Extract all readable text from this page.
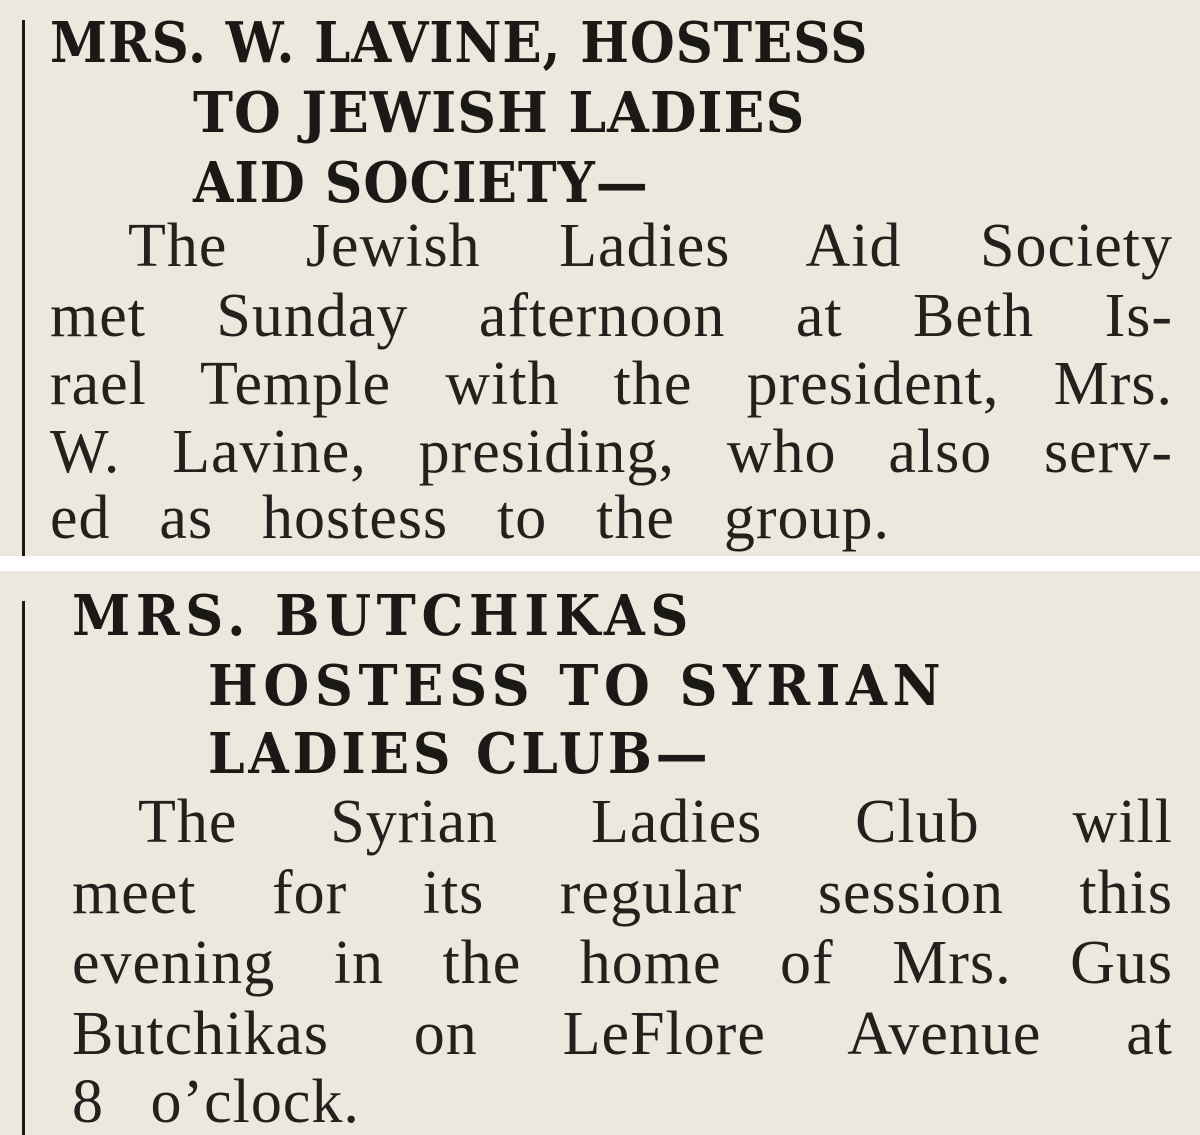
MRS. W. LAVINE, HOSTESS
TO JEWISH LADIES
AID SOCIETY—
The Jewish Ladies Aid Society
met Sunday afternoon at Beth Is-
rael Temple with the president, Mrs.
W. Lavine, presiding, who also serv-
ed as hostess to the group.
MRS. BUTCHIKAS
HOSTESS TO SYRIAN
LADIES CLUB—
The Syrian Ladies Club will
meet for its regular session this
evening in the home of Mrs. Gus
Butchikas on LeFlore Avenue at
8 o’clock.
